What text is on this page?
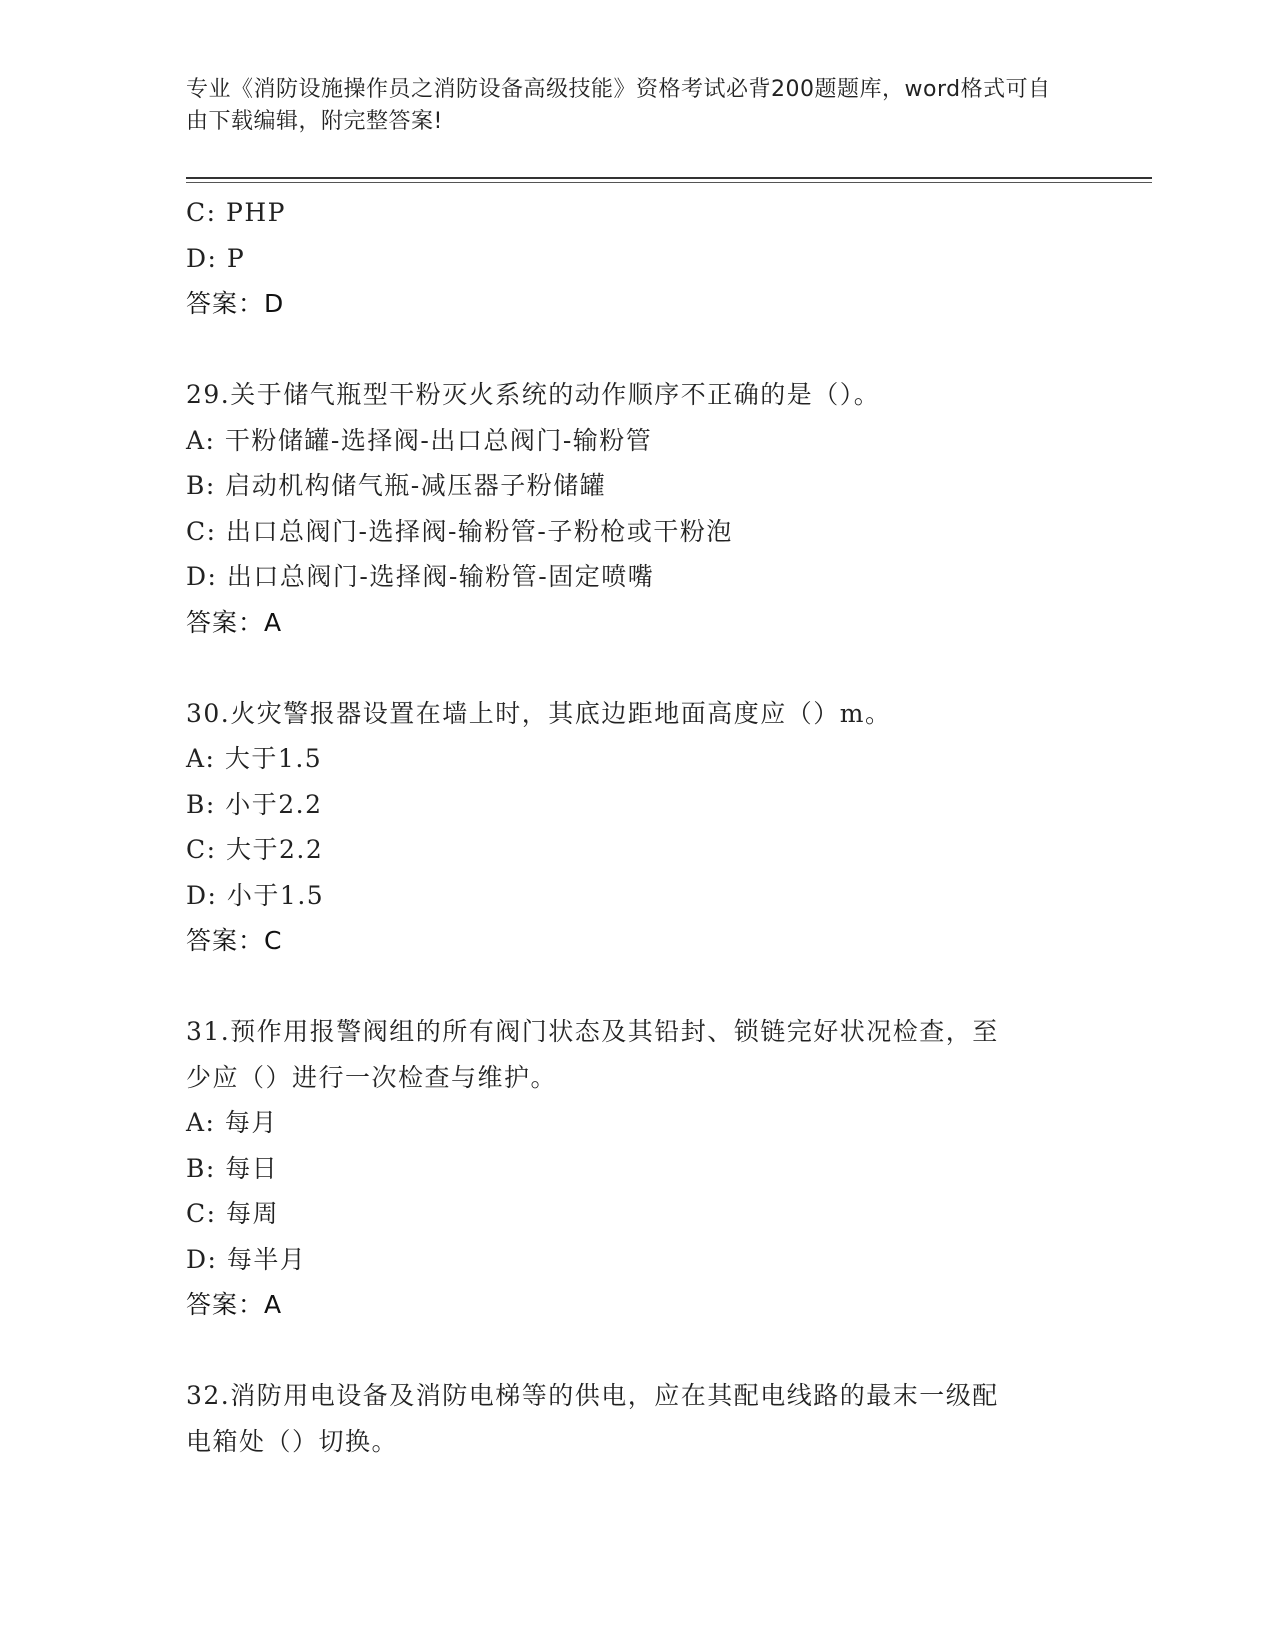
专业《消防设施操作员之消防设备高级技能》资格考试必背200题题库，word格式可自由下载编辑，附完整答案!
C: PHP
D: P
答案：D
29.关于储气瓶型干粉灭火系统的动作顺序不正确的是（）。
A: 干粉储罐-选择阀-出口总阀门-输粉管
B: 启动机构储气瓶-减压器子粉储罐
C: 出口总阀门-选择阀-输粉管-子粉枪或干粉泡
D: 出口总阀门-选择阀-输粉管-固定喷嘴
答案：A
30.火灾警报器设置在墙上时，其底边距地面高度应（）m。
A: 大于1.5
B: 小于2.2
C: 大于2.2
D: 小于1.5
答案：C
31.预作用报警阀组的所有阀门状态及其铅封、锁链完好状况检查，至
少应（）进行一次检查与维护。
A: 每月
B: 每日
C: 每周
D: 每半月
答案：A
32.消防用电设备及消防电梯等的供电，应在其配电线路的最末一级配
电箱处（）切换。
